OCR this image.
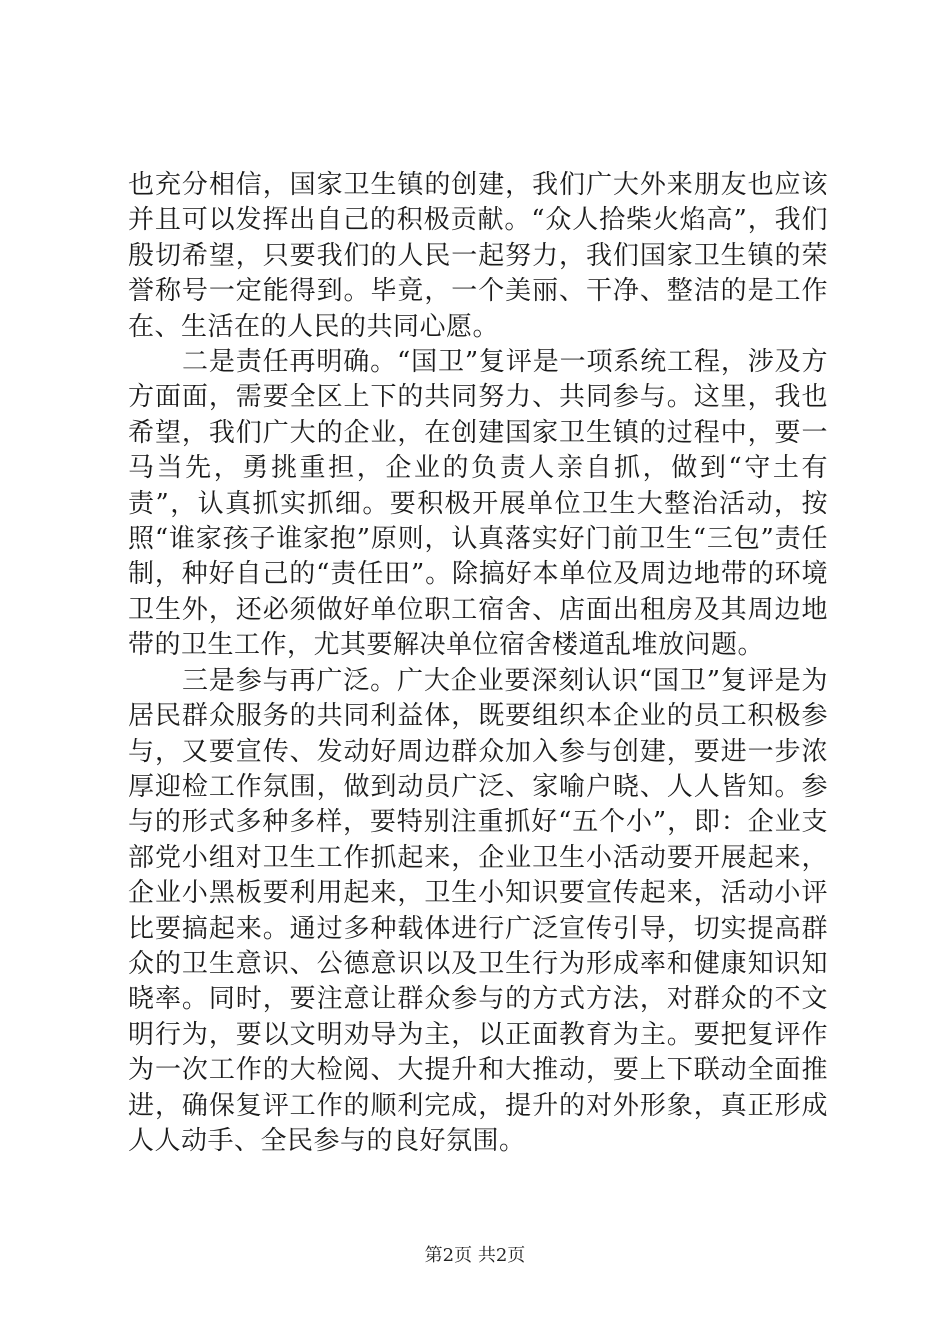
也充分相信，国家卫生镇的创建，我们广大外来朋友也应该并且可以发挥出自己的积极贡献。“众人拾柴火焰高”，我们殷切希望，只要我们的人民一起努力，我们国家卫生镇的荣誉称号一定能得到。毕竟，一个美丽、干净、整洁的是工作在、生活在的人民的共同心愿。

二是责任再明确。“国卫”复评是一项系统工程，涉及方方面面，需要全区上下的共同努力、共同参与。这里，我也希望，我们广大的企业，在创建国家卫生镇的过程中，要一马当先，勇挑重担，企业的负责人亲自抓，做到“守土有责”，认真抓实抓细。要积极开展单位卫生大整治活动，按照“谁家孩子谁家抱”原则，认真落实好门前卫生“三包”责任制，种好自己的“责任田”。除搞好本单位及周边地带的环境卫生外，还必须做好单位职工宿舍、店面出租房及其周边地带的卫生工作，尤其要解决单位宿舍楼道乱堆放问题。

三是参与再广泛。广大企业要深刻认识“国卫”复评是为居民群众服务的共同利益体，既要组织本企业的员工积极参与，又要宣传、发动好周边群众加入参与创建，要进一步浓厚迎检工作氛围，做到动员广泛、家喻户晓、人人皆知。参与的形式多种多样，要特别注重抓好“五个小”，即：企业支部党小组对卫生工作抓起来，企业卫生小活动要开展起来，企业小黑板要利用起来，卫生小知识要宣传起来，活动小评比要搞起来。通过多种载体进行广泛宣传引导，切实提高群众的卫生意识、公德意识以及卫生行为形成率和健康知识知晓率。同时，要注意让群众参与的方式方法，对群众的不文明行为，要以文明劝导为主，以正面教育为主。要把复评作为一次工作的大检阅、大提升和大推动，要上下联动全面推进，确保复评工作的顺利完成，提升的对外形象，真正形成人人动手、全民参与的良好氛围。

第2页 共2页
